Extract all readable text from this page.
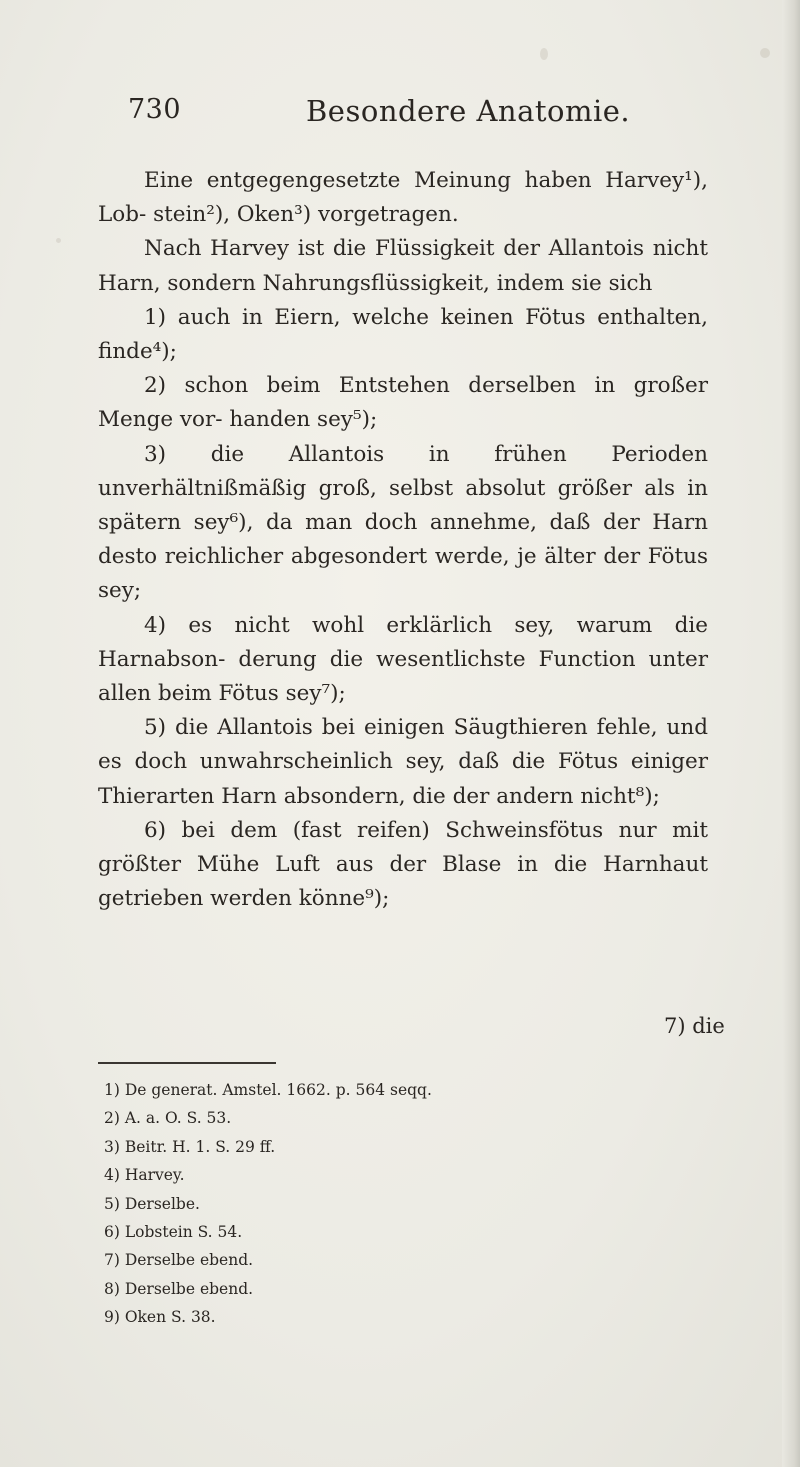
730	Besondere Anatomie.

Eine entgegengesetzte Meinung haben Harvey¹), Lob- stein²), Oken³) vorgetragen.

Nach Harvey ist die Flüssigkeit der Allantois nicht Harn, sondern Nahrungsflüssigkeit, indem sie sich

1) auch in Eiern, welche keinen Fötus enthalten, finde⁴);

2) schon beim Entstehen derselben in großer Menge vor- handen sey⁵);

3) die Allantois in frühen Perioden unverhältnißmäßig groß, selbst absolut größer als in spätern sey⁶), da man doch annehme, daß der Harn desto reichlicher abgesondert werde, je älter der Fötus sey;

4) es nicht wohl erklärlich sey, warum die Harnabson- derung die wesentlichste Function unter allen beim Fötus sey⁷);

5) die Allantois bei einigen Säugthieren fehle, und es doch unwahrscheinlich sey, daß die Fötus einiger Thierarten Harn absondern, die der andern nicht⁸);

6) bei dem (fast reifen) Schweinsfötus nur mit größter Mühe Luft aus der Blase in die Harnhaut getrieben werden könne⁹);

7) die
1) De generat. Amstel. 1662. p. 564 seqq.
2) A. a. O. S. 53.
3) Beitr. H. 1. S. 29 ff.
4) Harvey.
5) Derselbe.
6) Lobstein S. 54.
7) Derselbe ebend.
8) Derselbe ebend.
9) Oken S. 38.
